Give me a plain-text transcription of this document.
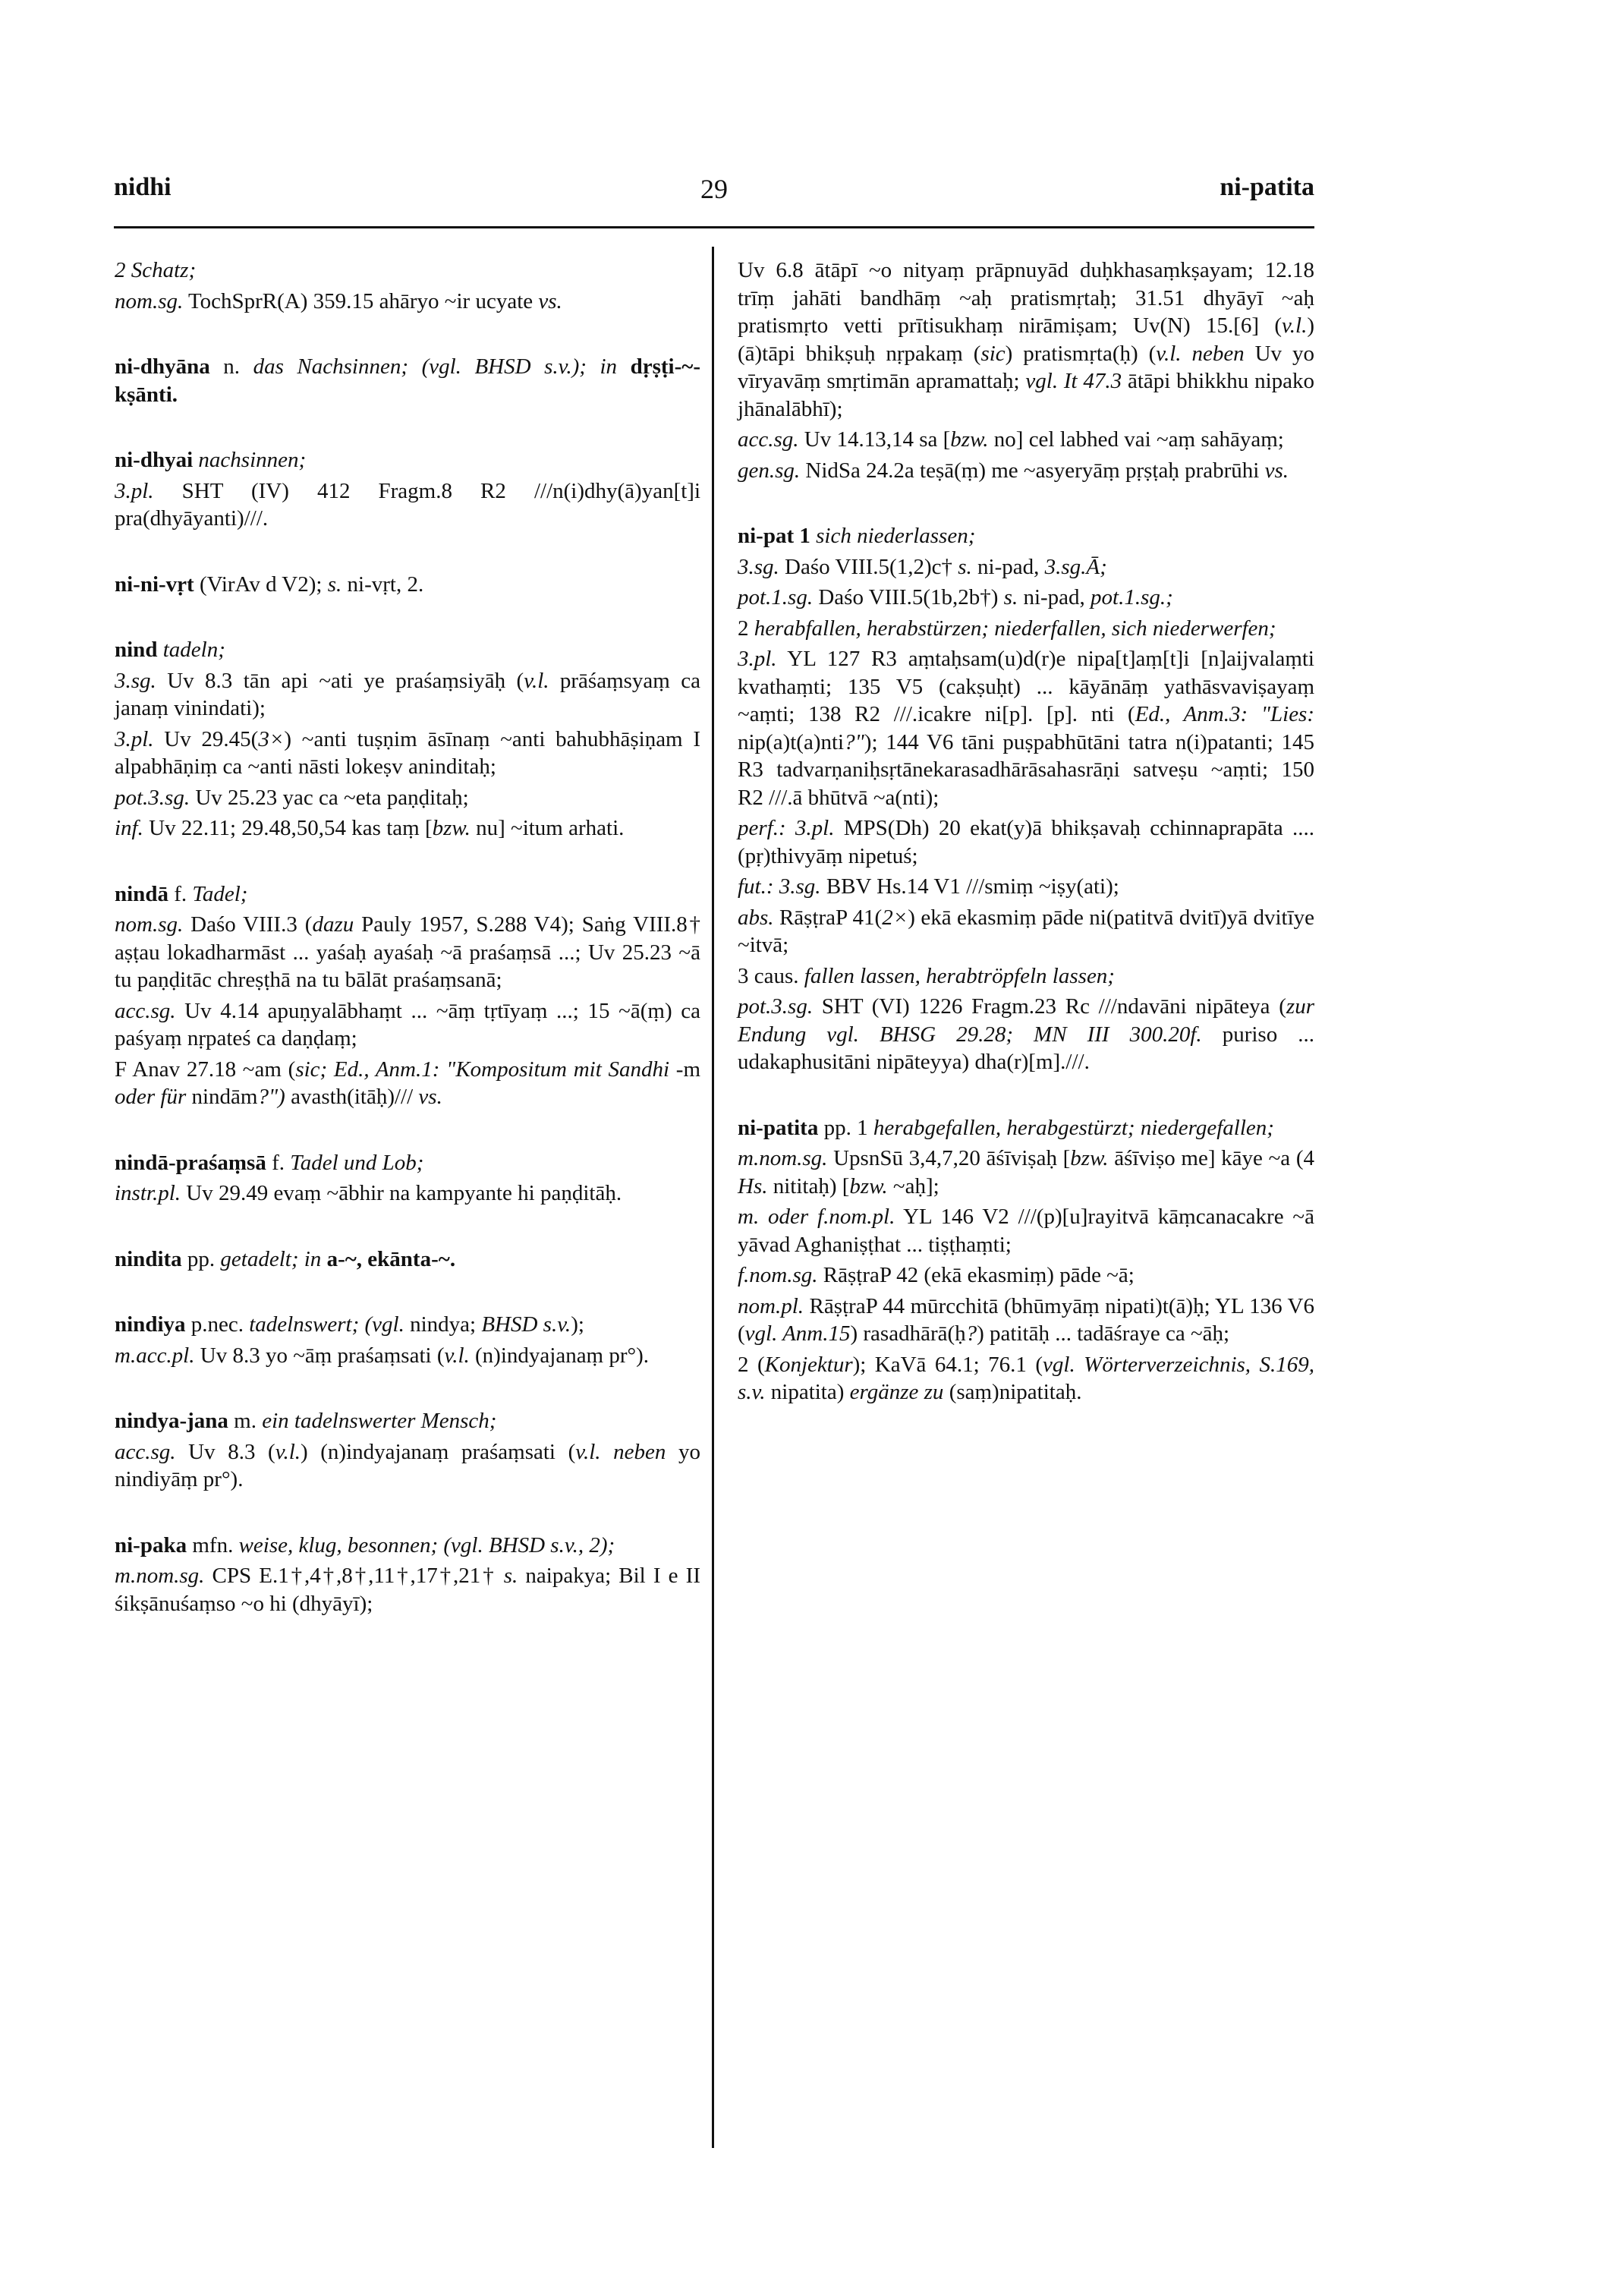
nidhi	29	ni-patita
2 Schatz;
nom.sg. TochSprR(A) 359.15 ahāryo ~ir ucyate vs.
ni-dhyāna n. das Nachsinnen; (vgl. BHSD s.v.); in dṛṣṭi-~-kṣānti.
ni-dhyai nachsinnen;
3.pl. SHT (IV) 412 Fragm.8 R2 ///n(i)dhy(ā)yan[t]i pra(dhyāyanti)///.
ni-ni-vṛt (VirAv d V2); s. ni-vṛt, 2.
nind tadeln;
3.sg. Uv 8.3 tān api ~ati ye praśaṃsiyāḥ (v.l. prāśaṃsyaṃ ca janaṃ vinindati);
3.pl. Uv 29.45(3×) ~anti tuṣṇim āsīnaṃ ~anti bahubhāṣiṇam I alpabhāṇiṃ ca ~anti nāsti lokeṣv aninditaḥ;
pot.3.sg. Uv 25.23 yac ca ~eta paṇḍitaḥ;
inf. Uv 22.11; 29.48,50,54 kas taṃ [bzw. nu] ~itum arhati.
nindā f. Tadel;
nom.sg. Daśo VIII.3 (dazu Pauly 1957, S.288 V4); Saṅg VIII.8† aṣṭau lokadharmāst ... yaśaḥ ayaśaḥ ~ā praśaṃsā ...; Uv 25.23 ~ā tu paṇḍitāc chreṣṭhā na tu bālāt praśaṃsanā;
acc.sg. Uv 4.14 apuṇyalābhaṃt ... ~āṃ tṛtīyaṃ ...; 15 ~ā(ṃ) ca paśyaṃ nṛpateś ca daṇḍaṃ;
F Anav 27.18 ~am (sic; Ed., Anm.1: "Kompositum mit Sandhi -m oder für nindām?") avasth(itāḥ)/// vs.
nindā-praśaṃsā f. Tadel und Lob;
instr.pl. Uv 29.49 evaṃ ~ābhir na kampyante hi paṇḍitāḥ.
nindita pp. getadelt; in a-~, ekānta-~.
nindiya p.nec. tadelnswert; (vgl. nindya; BHSD s.v.);
m.acc.pl. Uv 8.3 yo ~āṃ praśaṃsati (v.l. (n)indyajanaṃ pr°).
nindya-jana m. ein tadelnswerter Mensch;
acc.sg. Uv 8.3 (v.l.) (n)indyajanaṃ praśaṃsati (v.l. neben yo nindiyāṃ pr°).
ni-paka mfn. weise, klug, besonnen; (vgl. BHSD s.v., 2);
m.nom.sg. CPS E.1†,4†,8†,11†,17†,21† s. naipakya; Bil I e II śikṣānuśaṃso ~o hi (dhyāyī);
Uv 6.8 ātāpī ~o nityaṃ prāpnuyād duḥkhasaṃkṣayam; 12.18 trīṃ jahāti bandhāṃ ~aḥ pratismṛtaḥ; 31.51 dhyāyī ~aḥ pratismṛto vetti prītisukhaṃ nirāmiṣam; Uv(N) 15.[6] (v.l.) (ā)tāpi bhikṣuḥ nṛpakaṃ (sic) pratismṛta(ḥ) (v.l. neben Uv yo vīryavāṃ smṛtimān apramattaḥ; vgl. It 47.3 ātāpi bhikkhu nipako jhānalābhī);
acc.sg. Uv 14.13,14 sa [bzw. no] cel labhed vai ~aṃ sahāyaṃ;
gen.sg. NidSa 24.2a teṣā(ṃ) me ~asyeryāṃ pṛṣṭaḥ prabrūhi vs.
ni-pat 1 sich niederlassen;
3.sg. Daśo VIII.5(1,2)c† s. ni-pad, 3.sg.Ā;
pot.1.sg. Daśo VIII.5(1b,2b†) s. ni-pad, pot.1.sg.;
2 herabfallen, herabstürzen; niederfallen, sich niederwerfen;
3.pl. YL 127 R3 aṃtaḥsam(u)d(r)e nipa[t]aṃ[t]i [n]aijvalaṃti kvathaṃti; 135 V5 (cakṣuḥt) ... kāyānāṃ yathāsvaviṣayaṃ ~aṃti; 138 R2 ///.icakre ni[p]. [p]. nti (Ed., Anm.3: "Lies: nip(a)t(a)nti?"); 144 V6 tāni puṣpabhūtāni tatra n(i)patanti; 145 R3 tadvarṇaniḥsṛtānekarasadhārāsahasrāṇi satveṣu ~aṃti; 150 R2 ///.ā bhūtvā ~a(nti);
perf.: 3.pl. MPS(Dh) 20 ekat(y)ā bhikṣavaḥ cchinnaprapāta .... (pṛ)thivyāṃ nipetuś;
fut.: 3.sg. BBV Hs.14 V1 ///smiṃ ~iṣy(ati);
abs. RāṣṭraP 41(2×) ekā ekasmiṃ pāde ni(patitvā dvitī)yā dvitīye ~itvā;
3 caus. fallen lassen, herabtröpfeln lassen;
pot.3.sg. SHT (VI) 1226 Fragm.23 Rc ///ndavāni nipāteya (zur Endung vgl. BHSG 29.28; MN III 300.20f. puriso ... udakaphusitāni nipāteyya) dha(r)[m].///.
ni-patita pp. 1 herabgefallen, herabgestürzt; niedergefallen;
m.nom.sg. UpsnSū 3,4,7,20 āśīviṣaḥ [bzw. āśīviṣo me] kāye ~a (4 Hs. nititaḥ) [bzw. ~aḥ];
m. oder f.nom.pl. YL 146 V2 ///(p)[u]rayitvā kāṃcanacakre ~ā yāvad Aghaniṣṭhat ... tiṣṭhaṃti;
f.nom.sg. RāṣṭraP 42 (ekā ekasmiṃ) pāde ~ā;
nom.pl. RāṣṭraP 44 mūrcchitā (bhūmyāṃ nipati)t(ā)ḥ; YL 136 V6 (vgl. Anm.15) rasadhārā(ḥ?) patitāḥ ... tadāśraye ca ~āḥ;
2 (Konjektur); KaVā 64.1; 76.1 (vgl. Wörterverzeichnis, S.169, s.v. nipatita) ergänze zu (saṃ)nipatitaḥ.
